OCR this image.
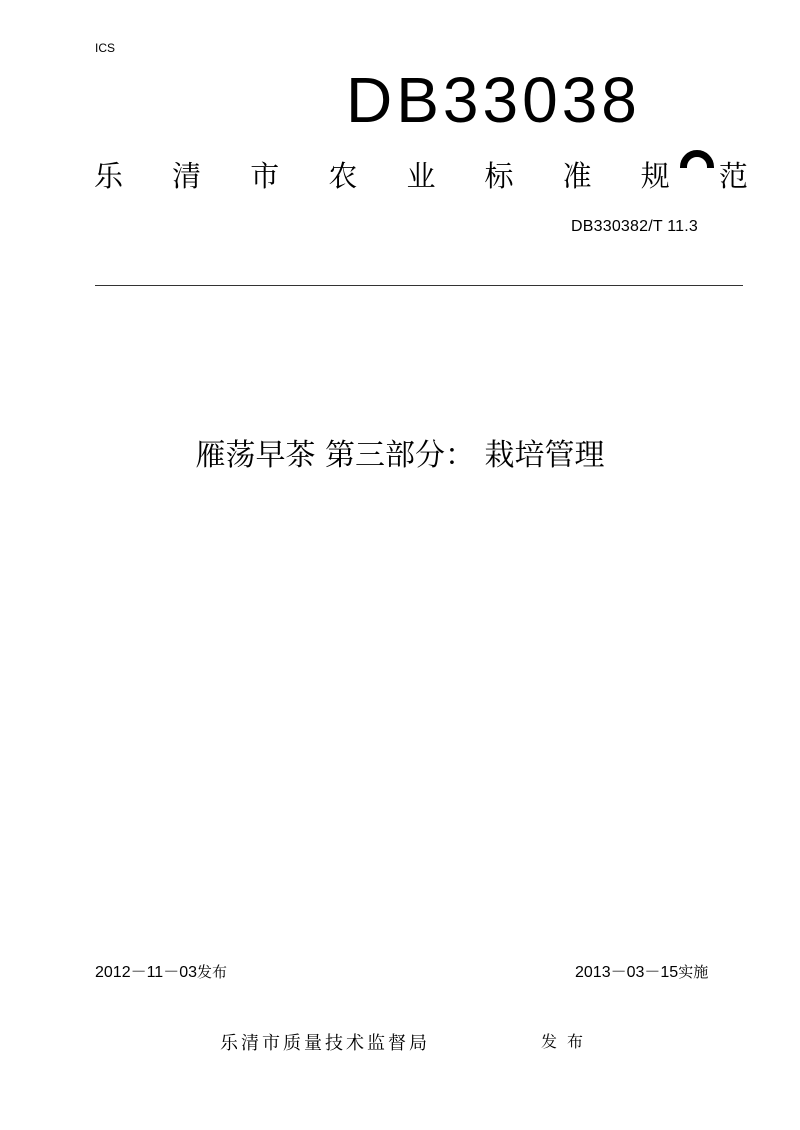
ICS
DB33038
乐 清 市 农 业 标 准 规 范
DB330382/T 11.3
雁荡早茶 第三部分： 栽培管理
2012－11－03发布	2013－03－15实施
乐清市质量技术监督局	发布
